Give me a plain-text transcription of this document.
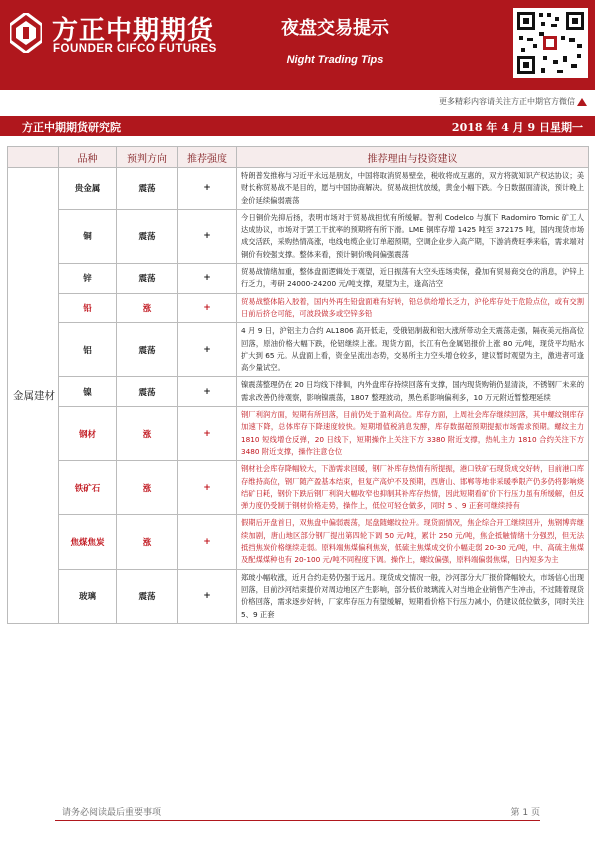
方正中期期货
FOUNDER CIFCO FUTURES
夜盘交易提示
Night Trading Tips
更多精彩内容请关注方正中期官方微信
方正中期期货研究院	2018 年 4 月 9 日星期一
	品种	预判方向	推荐强度	推荐理由与投资建议
金属建材	贵金属	震荡	+	特朗普发推称与习近平永远是朋友，中国将取消贸易壁垒，税收将成互惠的，双方将就知识产权达协议；美财长称贸易战不是目的，愿与中国协商解决。贸易战担忧放缓，黄金小幅下跌。今日数据面清淡，预计晚上金价延续偏弱震荡
	铜	震荡	+	今日铜价先抑后扬，表明市场对于贸易战担忧有所缓解。智利 Codelco 与旗下 Radomiro Tomic 矿工人达成协议，市场对于罢工干扰率的预期将有所下滑。LME 铜库存增 1425 吨至 372175 吨，国内现货市场成交活跃，采购热情高涨，电线电缆企业订单超预期，空调企业步入高产期，下游消费旺季来临，需求端对铜价有较强支撑。整体来看，预计铜价晚间偏强震荡
	锌	震荡	+	贸易战情绪加重，整体盘面逻辑处于观望，近日振荡有大空头连场卖保，叠加有贸易商交仓的消息，沪锌上行乏力，考研 24000-24200 元/吨支撑，观望为主，逢高沽空
	铅	涨	+	贸易战整体陷入胶着，国内外再生铅盘面难有好转，铅总供给增长乏力，沪伦库存处于危险点位，或有交割日前后挤仓可能，可波段做多或空锌多铅
	铝	震荡	+	4 月 9 日，沪铝主力合约 AL1806 高开低走，受俄铝制裁和铝大涨所带动全天震荡走强，隔夜美元指高位回落，原油价格大幅下跌，伦铝继续上涨。现货方面，长江有色金属铝报价上涨 80 元/吨，现货平均贴水扩大到 65 元。从盘面上看，资金呈流出态势，交易所主力空头增仓较多，建议暂时观望为主，激进者可逢高少量试空。
	镍	震荡	+	镍震荡整理仍在 20 日均线下徘徊，内外盘库存持续回落有支撑，国内现货购销仍显清淡，不锈钢厂未来的需求改善仍待观察，影响镍震荡，1807 整理波动，黑色系影响偏利多，10 万元附近暂整理延续
	钢材	涨	+	钢厂利润方面，短期有所回落，目前仍处于盈利高位。库存方面，上周社会库存继续回落，其中螺纹钢库存加速下降，总体库存下降速度较快。短期增值税消息发酵，库存数据超预期提振市场需求预期。螺纹主力 1810 短线增仓反弹，20 日线下，短期操作上关注下方 3380 附近支撑，热轧主力 1810 合约关注下方 3480 附近支撑，操作注意仓位
	铁矿石	涨	+	钢材社会库存降幅较大，下游需求回暖，钢厂补库存热情有所提振，港口铁矿石现货成交好转，目前港口库存维持高位，钢厂随产盈基本结束，但复产高炉不及预期，西唐山、邯郸等地非采暖季限产仍多仍将影响烧结矿日耗，钢价下跌后钢厂利润大幅收窄也抑制其补库存热情，因此短期看矿价下行压力虽有所缓解，但反弹力度仍受制于钢材价格走势，操作上，低位可轻仓做多，同时 5 、9 正套可继续持有
	焦煤焦炭	涨	+	假期后开盘首日，双焦盘中偏弱震荡，尾盘随螺纹拉升。现货面情况，焦企综合开工继续回升，焦钢博弈继续加剧，唐山地区部分钢厂提出第四轮下调 50 元/吨，累计 250 元/吨，焦企抵触情绪十分强烈，但无法抵挡焦炭价格继续走弱。原料端焦煤偏利焦炭，低硫主焦煤成交价小幅走弱 20-30 元/吨，中、高硫主焦煤及配煤煤种也有 20-100 元/吨不同程度下调。操作上，螺纹偏强，原料端偏弱焦煤，日内短多为主
	玻璃	震荡	+	郑玻小幅收涨，近月合约走势仍强于远月。现货成交情况一般，沙河部分大厂报价降幅较大，市场信心出现回落，目前沙河结束提价对周边地区产生影响，部分低价玻璃流入对当地企业销售产生冲击，不过随着现货价格回落，需求逐步好转，厂家库存压力有望缓解，短期看价格下行压力减小，仍建议低位做多，同时关注 5、9 正套
请务必阅读最后重要事项	第 1 页
